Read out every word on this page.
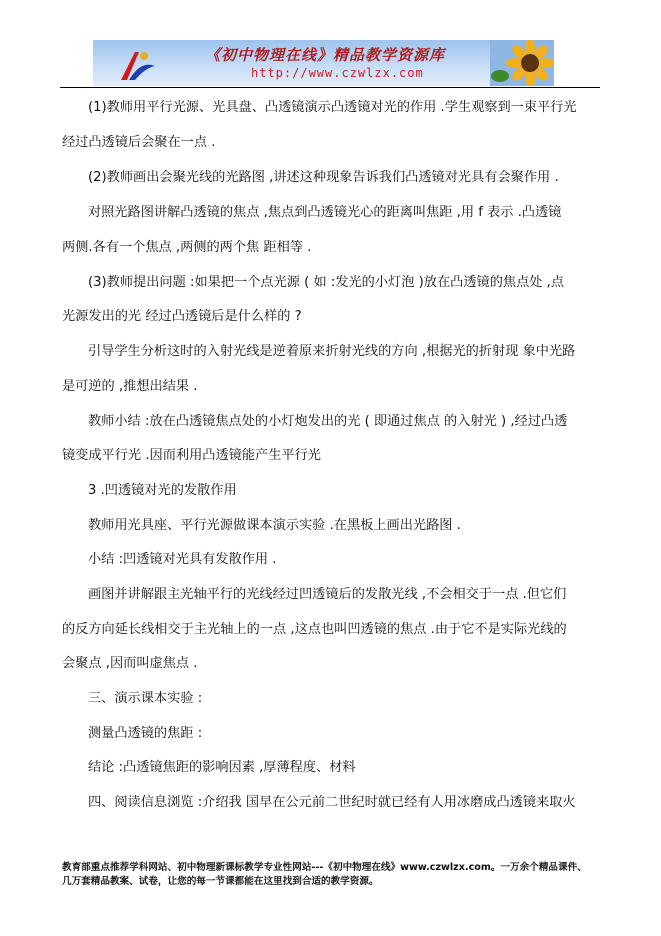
《初中物理在线》精品教学资源库
http://www.czwlzx.com
(1)教师用平行光源、光具盘、凸透镜演示凸透镜对光的作用 .学生观察到一束平行光
经过凸透镜后会聚在一点 .
(2)教师画出会聚光线的光路图 ,讲述这种现象告诉我们凸透镜对光具有会聚作用 .
对照光路图讲解凸透镜的焦点 ,焦点到凸透镜光心的距离叫焦距 ,用 f 表示 .凸透镜
两侧.各有一个焦点 ,两侧的两个焦 距相等 .
(3)教师提出问题 :如果把一个点光源 ( 如 :发光的小灯泡 )放在凸透镜的焦点处 ,点
光源发出的光 经过凸透镜后是什么样的 ?
引导学生分析这时的入射光线是逆着原来折射光线的方向 ,根据光的折射现 象中光路
是可逆的 ,推想出结果 .
教师小结 :放在凸透镜焦点处的小灯炮发出的光 ( 即通过焦点 的入射光 ) ,经过凸透
镜变成平行光 .因而利用凸透镜能产生平行光
3 .凹透镜对光的发散作用
教师用光具座、平行光源做课本演示实验 .在黑板上画出光路图 .
小结 :凹透镜对光具有发散作用 .
画图并讲解跟主光轴平行的光线经过凹透镜后的发散光线 ,不会相交于一点 .但它们
的反方向延长线相交于主光轴上的一点 ,这点也叫凹透镜的焦点 .由于它不是实际光线的
会聚点 ,因而叫虚焦点 .
三、演示课本实验 :
测量凸透镜的焦距 :
结论 :凸透镜焦距的影响因素 ,厚薄程度、材料
四、阅读信息浏览 :介绍我 国早在公元前二世纪时就已经有人用冰磨成凸透镜来取火
教育部重点推荐学科网站、初中物理新课标教学专业性网站---《初中物理在线》www.czwlzx.com。一万余个精品课件、
几万套精品教案、试卷，让您的每一节课都能在这里找到合适的教学资源。
